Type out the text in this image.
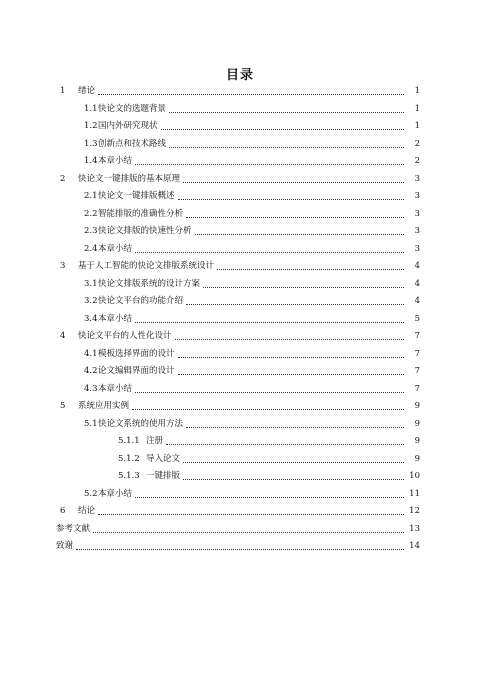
目录
1 绪论	1
1.1 快论文的选题背景	1
1.2 国内外研究现状	1
1.3 创新点和技术路线	2
1.4 本章小结	2
2 快论文一键排版的基本原理	3
2.1 快论文一键排版概述	3
2.2 智能排版的准确性分析	3
2.3 快论文排版的快速性分析	3
2.4 本章小结	3
3 基于人工智能的快论文排版系统设计	4
3.1 快论文排版系统的设计方案	4
3.2 快论文平台的功能介绍	4
3.4 本章小结	5
4 快论文平台的人性化设计	7
4.1 模板选择界面的设计	7
4.2 论文编辑界面的设计	7
4.3 本章小结	7
5 系统应用实例	9
5.1 快论文系统的使用方法	9
5.1.1 注册	9
5.1.2 导入论文	9
5.1.3 一键排版	10
5.2 本章小结	11
6 结论	12
参考文献	13
致谢	14
